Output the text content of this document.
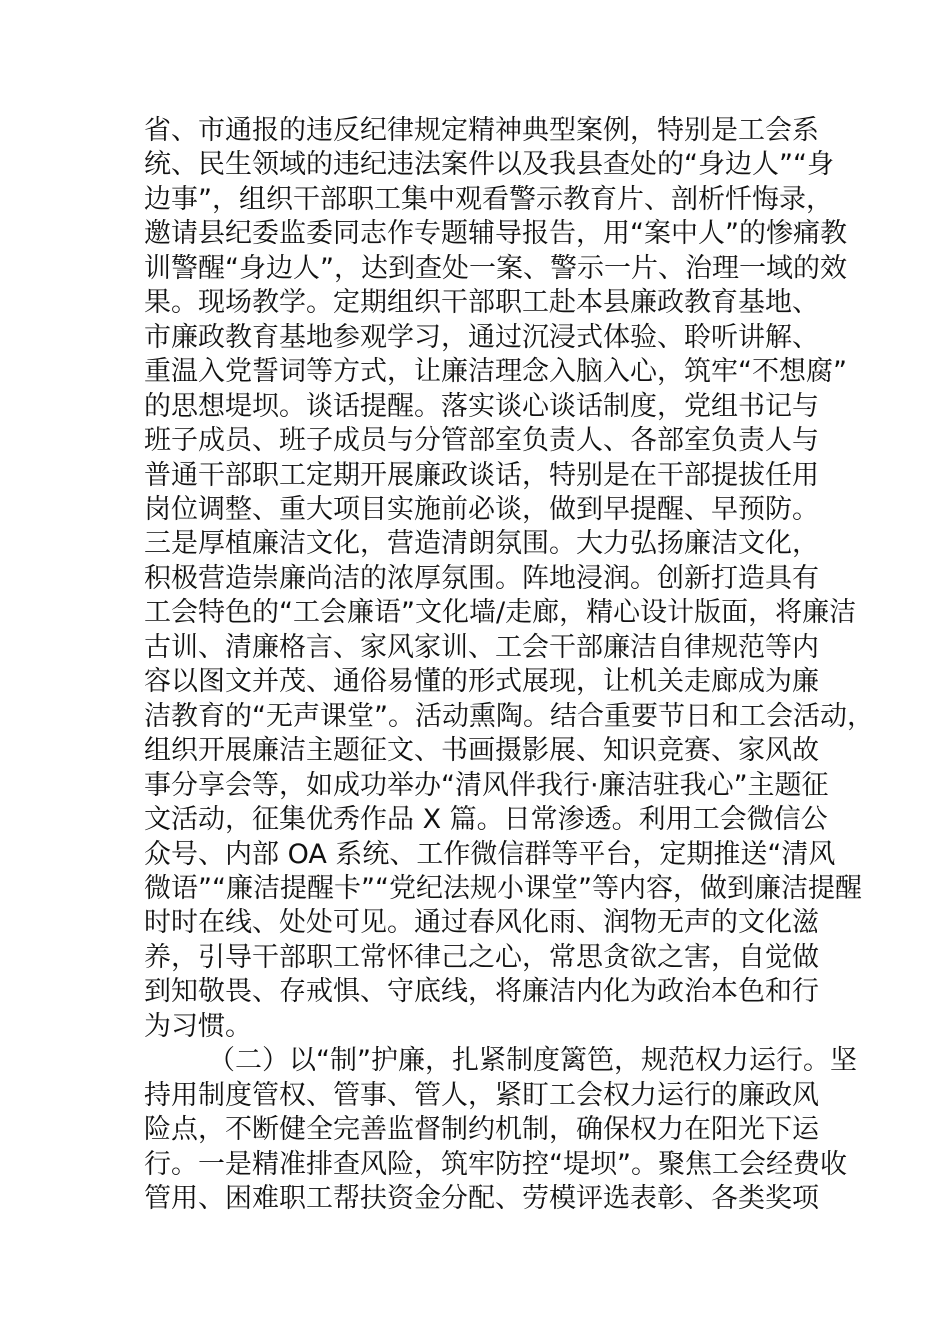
省、市通报的违反纪律规定精神典型案例，特别是工会系
统、民生领域的违纪违法案件以及我县查处的“身边人”“身
边事”，组织干部职工集中观看警示教育片、剖析忏悔录，
邀请县纪委监委同志作专题辅导报告，用“案中人”的惨痛教
训警醒“身边人”，达到查处一案、警示一片、治理一域的效
果。现场教学。定期组织干部职工赴本县廉政教育基地、
市廉政教育基地参观学习，通过沉浸式体验、聆听讲解、
重温入党誓词等方式，让廉洁理念入脑入心，筑牢“不想腐”
的思想堤坝。谈话提醒。落实谈心谈话制度，党组书记与
班子成员、班子成员与分管部室负责人、各部室负责人与
普通干部职工定期开展廉政谈话，特别是在干部提拔任用
岗位调整、重大项目实施前必谈，做到早提醒、早预防。
三是厚植廉洁文化，营造清朗氛围。大力弘扬廉洁文化，
积极营造崇廉尚洁的浓厚氛围。阵地浸润。创新打造具有
工会特色的“工会廉语”文化墙/走廊，精心设计版面，将廉洁
古训、清廉格言、家风家训、工会干部廉洁自律规范等内
容以图文并茂、通俗易懂的形式展现，让机关走廊成为廉
洁教育的“无声课堂”。活动熏陶。结合重要节日和工会活动，
组织开展廉洁主题征文、书画摄影展、知识竞赛、家风故
事分享会等，如成功举办“清风伴我行·廉洁驻我心”主题征
文活动，征集优秀作品 X 篇。日常渗透。利用工会微信公
众号、内部 OA 系统、工作微信群等平台，定期推送“清风
微语”“廉洁提醒卡”“党纪法规小课堂”等内容，做到廉洁提醒
时时在线、处处可见。通过春风化雨、润物无声的文化滋
养，引导干部职工常怀律己之心，常思贪欲之害，自觉做
到知敬畏、存戒惧、守底线，将廉洁内化为政治本色和行
为习惯。
（二）以“制”护廉，扎紧制度篱笆，规范权力运行。坚
持用制度管权、管事、管人，紧盯工会权力运行的廉政风
险点，不断健全完善监督制约机制，确保权力在阳光下运
行。一是精准排查风险，筑牢防控“堤坝”。聚焦工会经费收
管用、困难职工帮扶资金分配、劳模评选表彰、各类奖项
